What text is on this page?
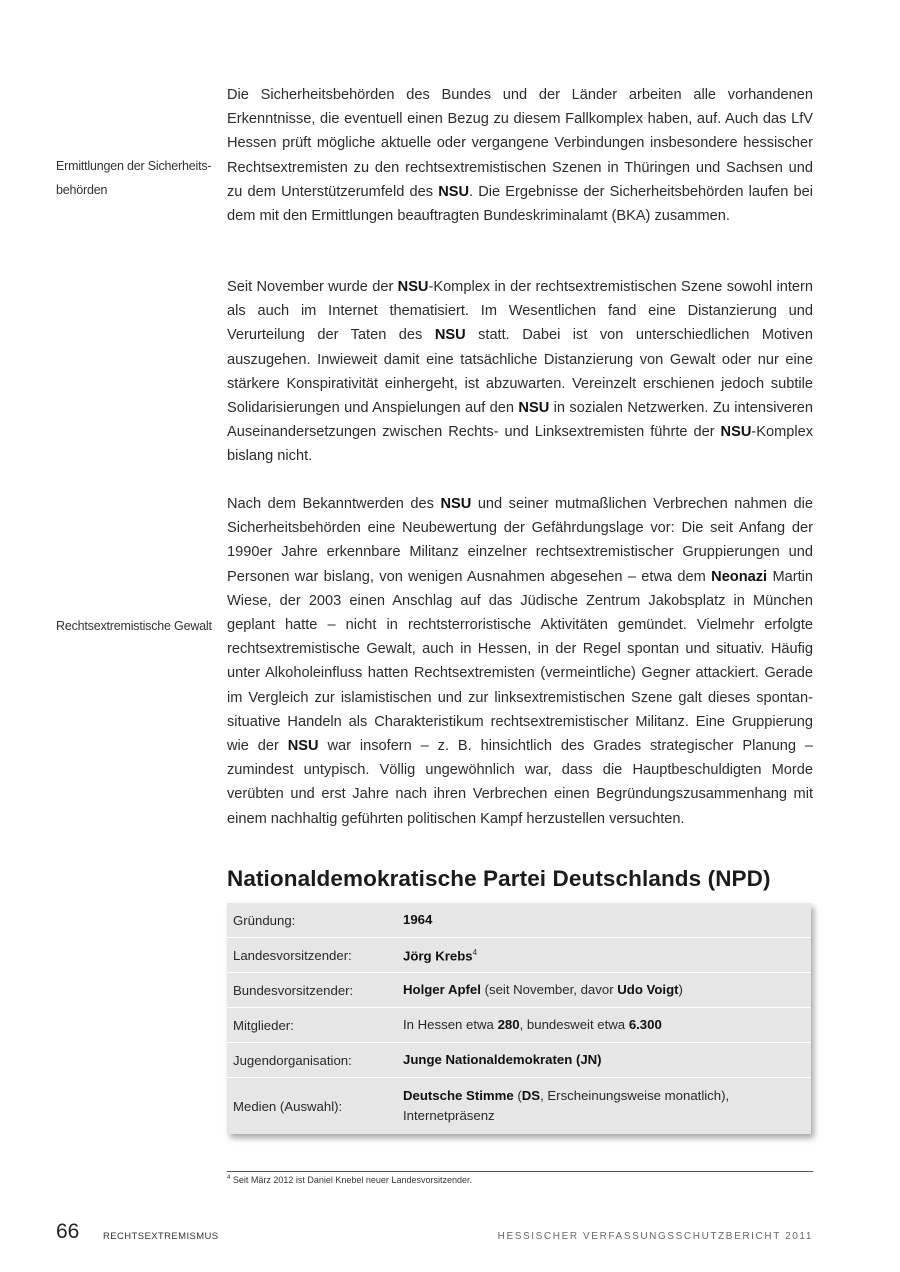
Ermittlungen der Sicherheits-
behörden
Rechtsextremistische Gewalt

Die Sicherheitsbehörden des Bundes und der Länder arbeiten alle vorhandenen Erkenntnisse, die eventuell einen Bezug zu diesem Fallkomplex haben, auf. Auch das LfV Hessen prüft mögliche aktuelle oder vergangene Verbindungen insbesondere hessischer Rechtsextremisten zu den rechtsextremistischen Szenen in Thüringen und Sachsen und zu dem Unterstützerumfeld des NSU. Die Ergebnisse der Sicherheitsbehörden laufen bei dem mit den Ermittlungen beauftragten Bundeskriminalamt (BKA) zusammen.

Seit November wurde der NSU-Komplex in der rechtsextremistischen Szene sowohl intern als auch im Internet thematisiert. Im Wesentlichen fand eine Distanzierung und Verurteilung der Taten des NSU statt. Dabei ist von unterschiedlichen Motiven auszugehen. Inwieweit damit eine tatsächliche Distanzierung von Gewalt oder nur eine stärkere Konspirativität einhergeht, ist abzuwarten. Vereinzelt erschienen jedoch subtile Solidarisierungen und Anspielungen auf den NSU in sozialen Netzwerken. Zu intensiveren Auseinandersetzungen zwischen Rechts- und Linksextremisten führte der NSU-Komplex bislang nicht.

Nach dem Bekanntwerden des NSU und seiner mutmaßlichen Verbrechen nahmen die Sicherheitsbehörden eine Neubewertung der Gefährdungslage vor: Die seit Anfang der 1990er Jahre erkennbare Militanz einzelner rechtsextremistischer Gruppierungen und Personen war bislang, von wenigen Ausnahmen abgesehen – etwa dem Neonazi Martin Wiese, der 2003 einen Anschlag auf das Jüdische Zentrum Jakobsplatz in München geplant hatte – nicht in rechtsterroristische Aktivitäten gemündet. Vielmehr erfolgte rechtsextremistische Gewalt, auch in Hessen, in der Regel spontan und situativ. Häufig unter Alkoholeinfluss hatten Rechtsextremisten (vermeintliche) Gegner attackiert. Gerade im Vergleich zur islamistischen und zur linksextremistischen Szene galt dieses spontan-situative Handeln als Charakteristikum rechtsextremistischer Militanz. Eine Gruppierung wie der NSU war insofern – z. B. hinsichtlich des Grades strategischer Planung – zumindest untypisch. Völlig ungewöhnlich war, dass die Hauptbeschuldigten Morde verübten und erst Jahre nach ihren Verbrechen einen Begründungszusammenhang mit einem nachhaltig geführten politischen Kampf herzustellen versuchten.

Nationaldemokratische Partei Deutschlands (NPD)
Gründung:	1964
Landesvorsitzender:	Jörg Krebs$^4$
Bundesvorsitzender:	Holger Apfel (seit November, davor Udo Voigt)
Mitglieder:	In Hessen etwa 280, bundesweit etwa 6.300
Jugendorganisation:	Junge Nationaldemokraten (JN)
Medien (Auswahl):	Deutsche Stimme (DS, Erscheinungsweise monatlich),
Internetpräsenz
$^4$ Seit März 2012 ist Daniel Knebel neuer Landesvorsitzender.
66 RECHTSEXTREMISMUS	HESSISCHER VERFASSUNGSSCHUTZBERICHT 2011
